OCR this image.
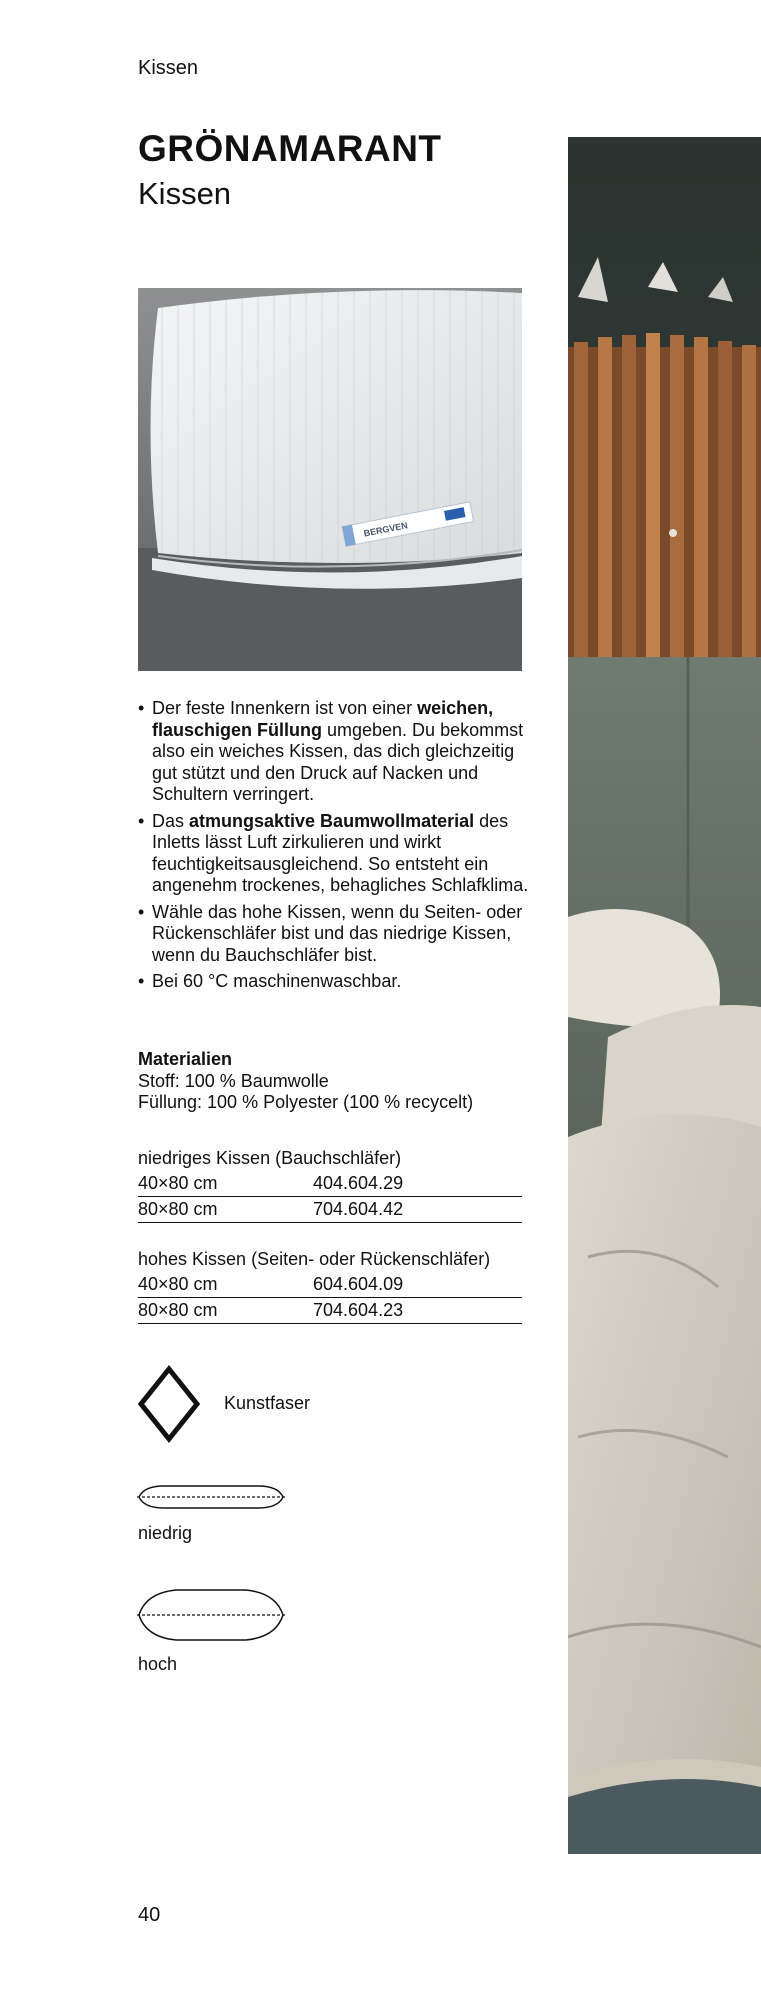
Kissen
GRÖNAMARANT
Kissen
BERGVEN
• Der feste Innenkern ist von einer weichen, flauschigen Füllung umgeben. Du bekommst also ein weiches Kissen, das dich gleichzeitig gut stützt und den Druck auf Nacken und Schultern verringert.
• Das atmungsaktive Baumwollmaterial des Inletts lässt Luft zirkulieren und wirkt feuchtigkeitsausgleichend. So entsteht ein angenehm trockenes, behagliches Schlafklima.
• Wähle das hohe Kissen, wenn du Seiten- oder Rückenschläfer bist und das niedrige Kissen, wenn du Bauchschläfer bist.
• Bei 60 °C maschinenwaschbar.
Materialien
Stoff: 100 % Baumwolle
Füllung: 100 % Polyester (100 % recycelt)
niedriges Kissen (Bauchschläfer)
40×80 cm	404.604.29
80×80 cm	704.604.42
hohes Kissen (Seiten- oder Rückenschläfer)
40×80 cm	604.604.09
80×80 cm	704.604.23
Kunstfaser
niedrig
hoch
40
